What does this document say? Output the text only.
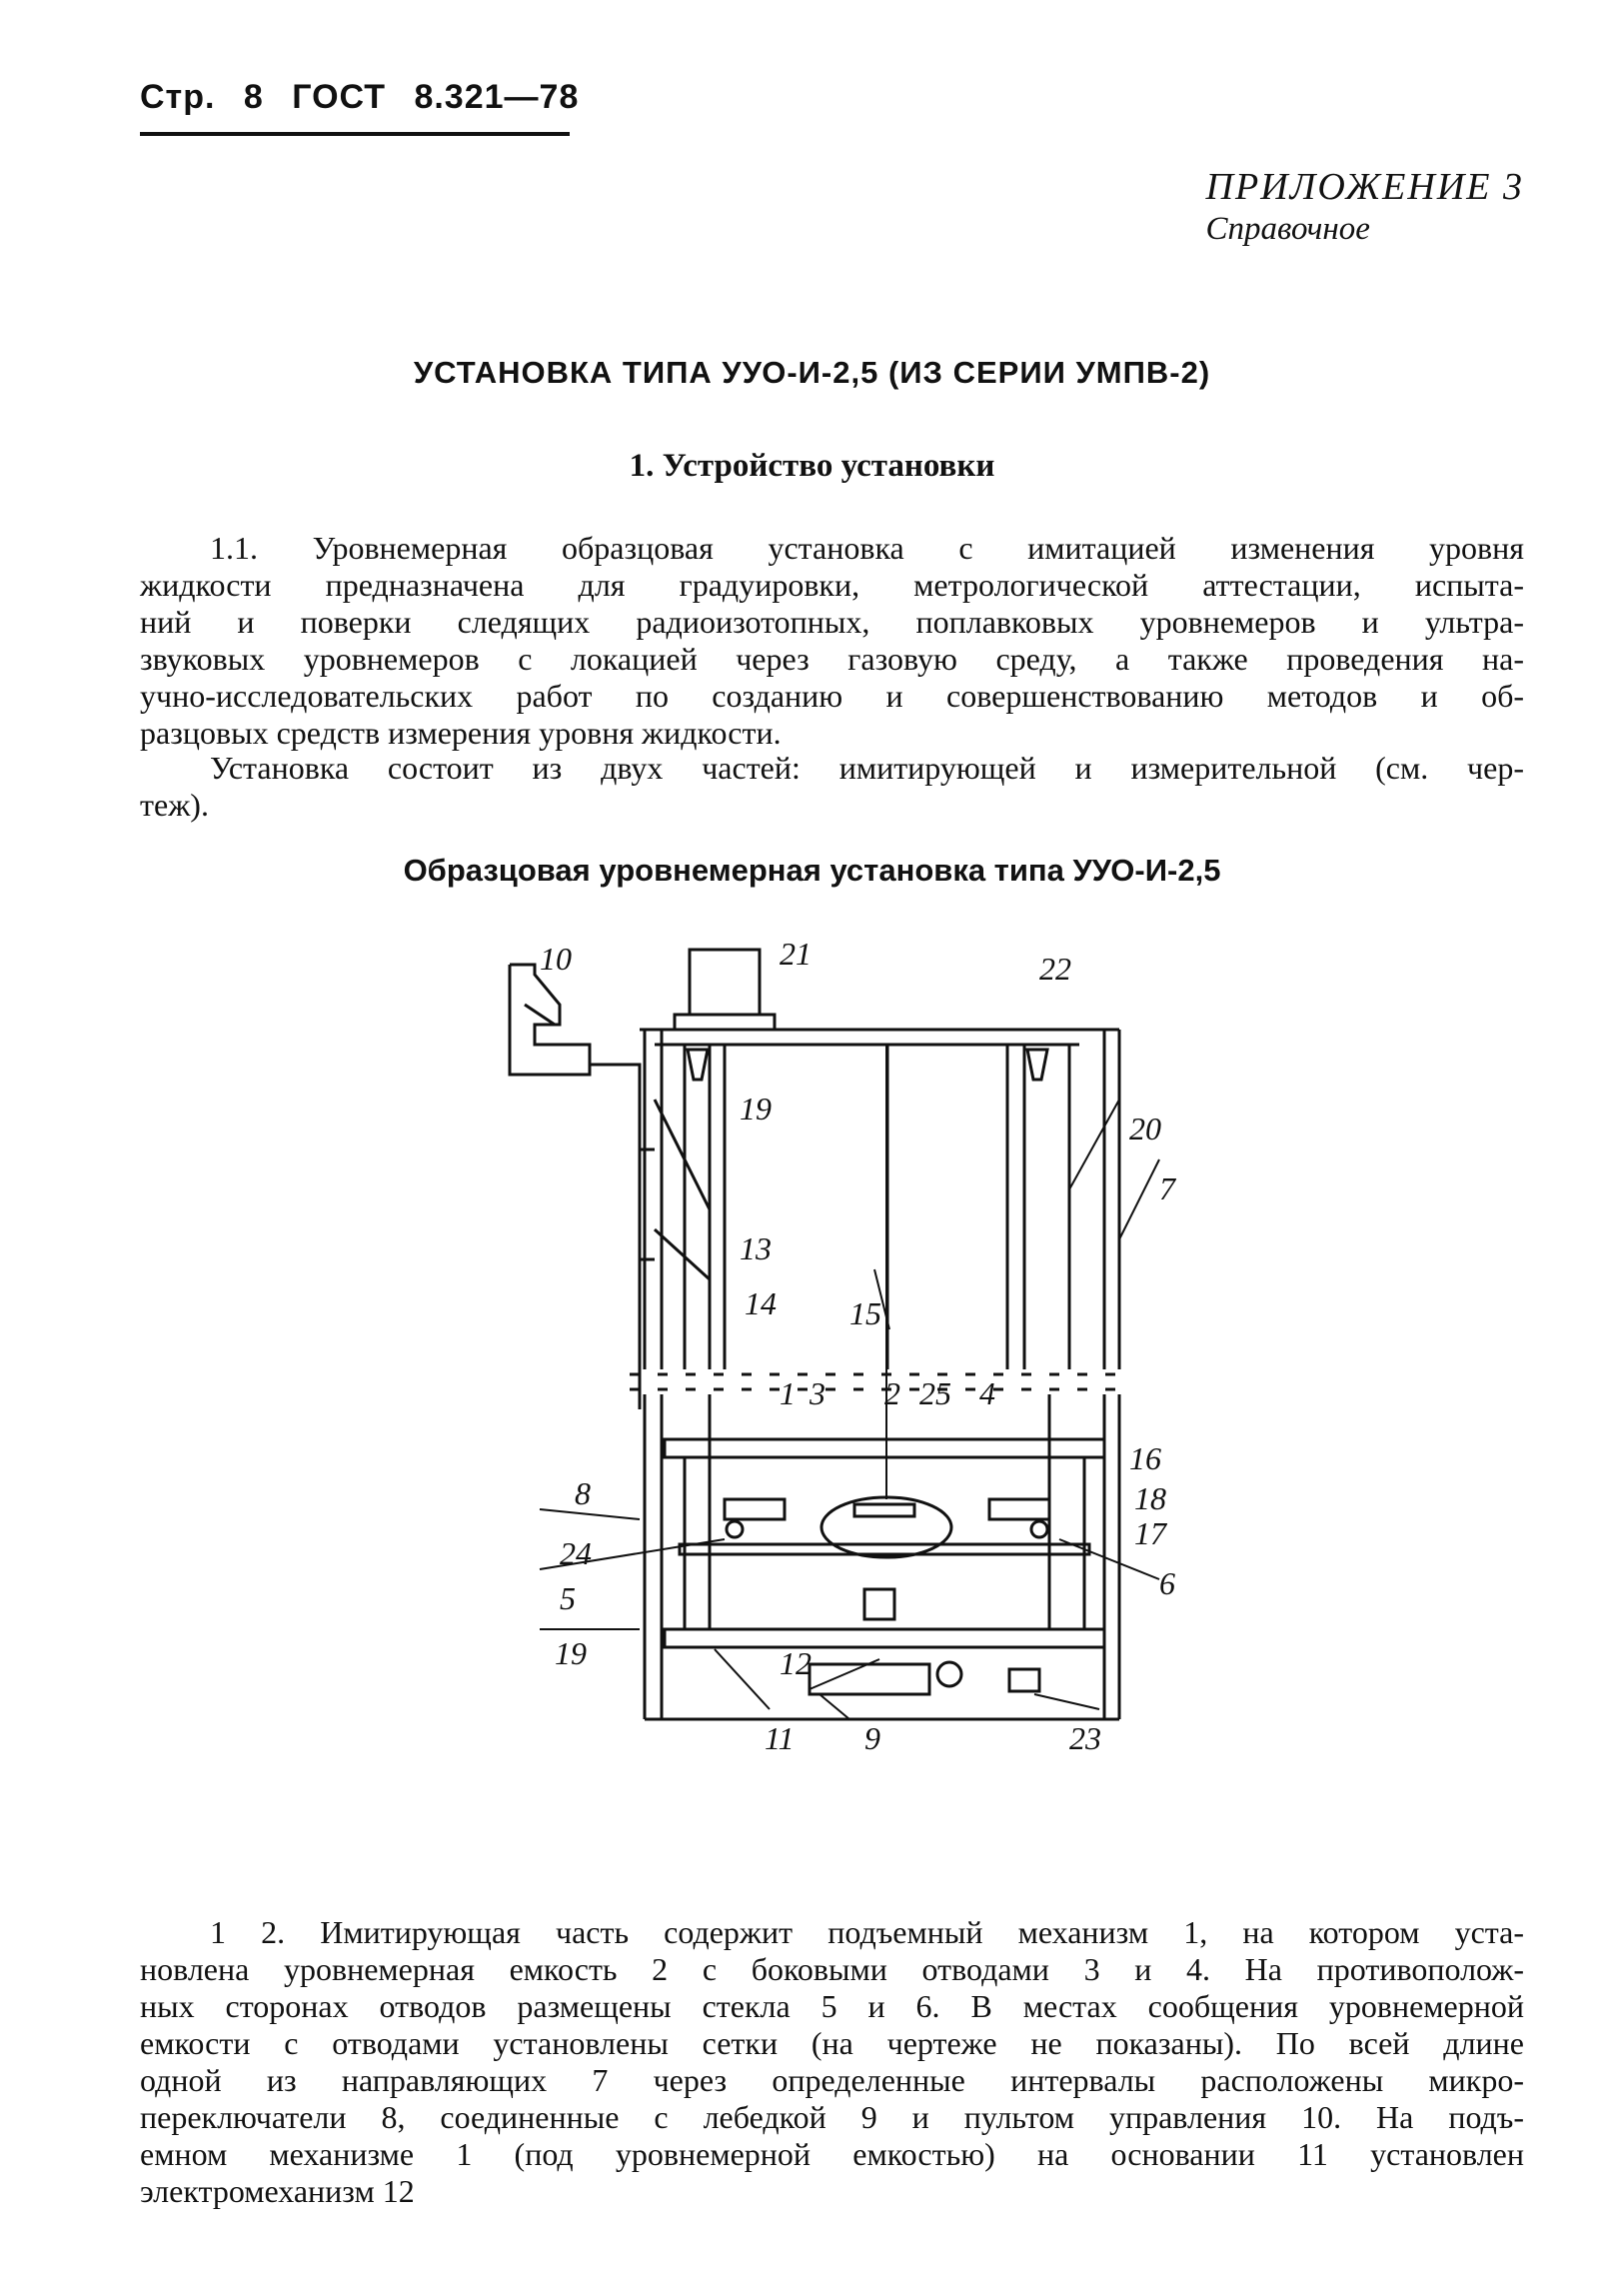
Стр. 8 ГОСТ 8.321—78
ПРИЛОЖЕНИЕ 3
Справочное
УСТАНОВКА ТИПА УУО-И-2,5 (ИЗ СЕРИИ УМПВ-2)
1. Устройство установки
1.1. Уровнемерная образцовая установка с имитацией изменения уровня
жидкости предназначена для градуировки, метрологической аттестации, испыта-
ний и поверки следящих радиоизотопных, поплавковых уровнемеров и ультра-
звуковых уровнемеров с локацией через газовую среду, а также проведения на-
учно-исследовательских работ по созданию и совершенствованию методов и об-
разцовых средств измерения уровня жидкости.
Установка состоит из двух частей: имитирующей и измерительной (см. чер-
теж).
Образцовая уровнемерная установка типа УУО-И-2,5
10	21	22
19
20
7
13
14 15
1 3 2 25 4
16
18
17
8
24
5	6
19	12
9
11	23
1 2. Имитирующая часть содержит подъемный механизм 1, на котором уста-
новлена уровнемерная емкость 2 с боковыми отводами 3 и 4. На противополож-
ных сторонах отводов размещены стекла 5 и 6. В местах сообщения уровнемерной
емкости с отводами установлены сетки (на чертеже не показаны). По всей длине
одной из направляющих 7 через определенные интервалы расположены микро-
переключатели 8, соединенные с лебедкой 9 и пультом управления 10. На подъ-
емном механизме 1 (под уровнемерной емкостью) на основании 11 установлен
электромеханизм 12
